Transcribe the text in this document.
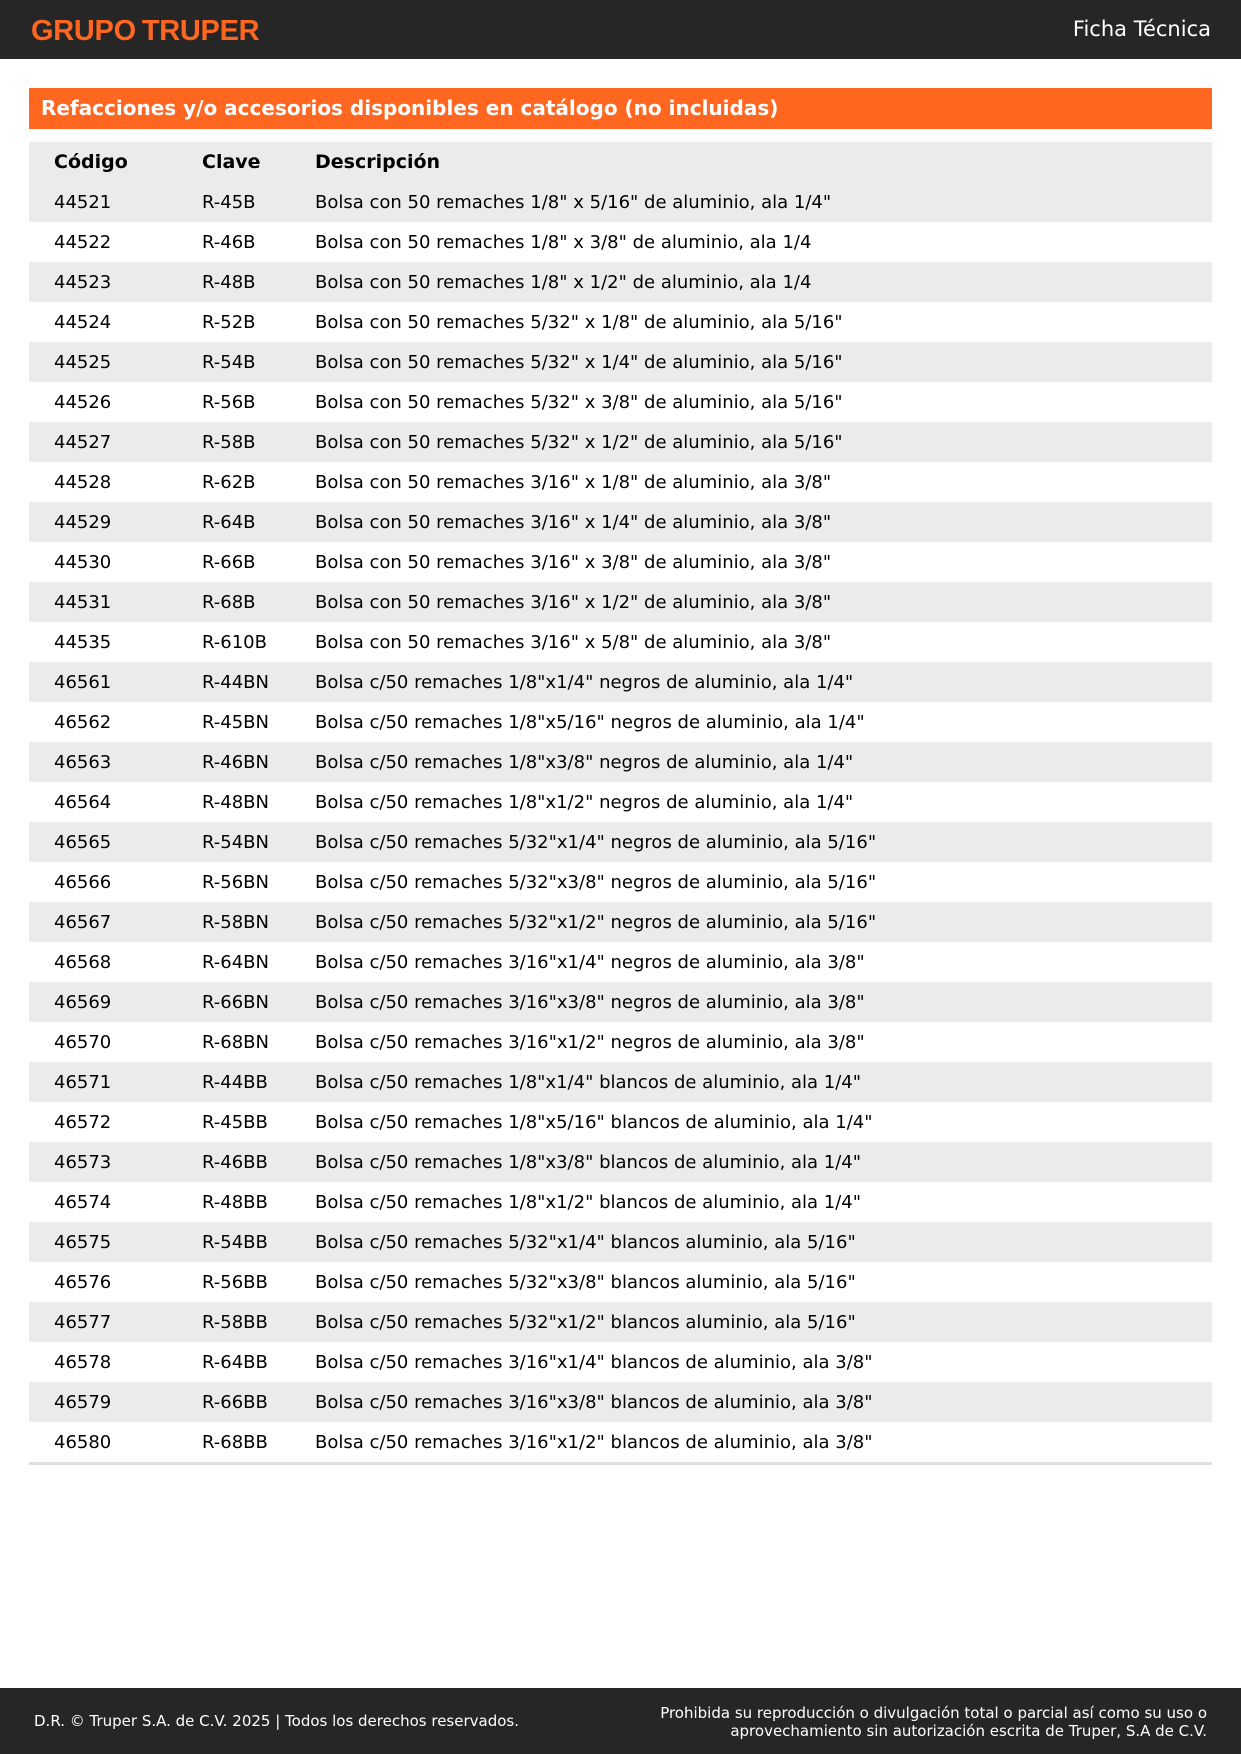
GRUPO TRUPER	Ficha Técnica
Refacciones y/o accesorios disponibles en catálogo (no incluidas)
Código	Clave	Descripción
44521	R-45B	Bolsa con 50 remaches 1/8" x 5/16" de aluminio, ala 1/4"
44522	R-46B	Bolsa con 50 remaches 1/8" x 3/8" de aluminio, ala 1/4
44523	R-48B	Bolsa con 50 remaches 1/8" x 1/2" de aluminio, ala 1/4
44524	R-52B	Bolsa con 50 remaches 5/32" x 1/8" de aluminio, ala 5/16"
44525	R-54B	Bolsa con 50 remaches 5/32" x 1/4" de aluminio, ala 5/16"
44526	R-56B	Bolsa con 50 remaches 5/32" x 3/8" de aluminio, ala 5/16"
44527	R-58B	Bolsa con 50 remaches 5/32" x 1/2" de aluminio, ala 5/16"
44528	R-62B	Bolsa con 50 remaches 3/16" x 1/8" de aluminio, ala 3/8"
44529	R-64B	Bolsa con 50 remaches 3/16" x 1/4" de aluminio, ala 3/8"
44530	R-66B	Bolsa con 50 remaches 3/16" x 3/8" de aluminio, ala 3/8"
44531	R-68B	Bolsa con 50 remaches 3/16" x 1/2" de aluminio, ala 3/8"
44535	R-610B	Bolsa con 50 remaches 3/16" x 5/8" de aluminio, ala 3/8"
46561	R-44BN	Bolsa c/50 remaches 1/8"x1/4" negros de aluminio, ala 1/4"
46562	R-45BN	Bolsa c/50 remaches 1/8"x5/16" negros de aluminio, ala 1/4"
46563	R-46BN	Bolsa c/50 remaches 1/8"x3/8" negros de aluminio, ala 1/4"
46564	R-48BN	Bolsa c/50 remaches 1/8"x1/2" negros de aluminio, ala 1/4"
46565	R-54BN	Bolsa c/50 remaches 5/32"x1/4" negros de aluminio, ala 5/16"
46566	R-56BN	Bolsa c/50 remaches 5/32"x3/8" negros de aluminio, ala 5/16"
46567	R-58BN	Bolsa c/50 remaches 5/32"x1/2" negros de aluminio, ala 5/16"
46568	R-64BN	Bolsa c/50 remaches 3/16"x1/4" negros de aluminio, ala 3/8"
46569	R-66BN	Bolsa c/50 remaches 3/16"x3/8" negros de aluminio, ala 3/8"
46570	R-68BN	Bolsa c/50 remaches 3/16"x1/2" negros de aluminio, ala 3/8"
46571	R-44BB	Bolsa c/50 remaches 1/8"x1/4" blancos de aluminio, ala 1/4"
46572	R-45BB	Bolsa c/50 remaches 1/8"x5/16" blancos de aluminio, ala 1/4"
46573	R-46BB	Bolsa c/50 remaches 1/8"x3/8" blancos de aluminio, ala 1/4"
46574	R-48BB	Bolsa c/50 remaches 1/8"x1/2" blancos de aluminio, ala 1/4"
46575	R-54BB	Bolsa c/50 remaches 5/32"x1/4" blancos aluminio, ala 5/16"
46576	R-56BB	Bolsa c/50 remaches 5/32"x3/8" blancos aluminio, ala 5/16"
46577	R-58BB	Bolsa c/50 remaches 5/32"x1/2" blancos aluminio, ala 5/16"
46578	R-64BB	Bolsa c/50 remaches 3/16"x1/4" blancos de aluminio, ala 3/8"
46579	R-66BB	Bolsa c/50 remaches 3/16"x3/8" blancos de aluminio, ala 3/8"
46580	R-68BB	Bolsa c/50 remaches 3/16"x1/2" blancos de aluminio, ala 3/8"
D.R. © Truper S.A. de C.V. 2025 | Todos los derechos reservados.	Prohibida su reproducción o divulgación total o parcial así como su uso o
aprovechamiento sin autorización escrita de Truper, S.A de C.V.
